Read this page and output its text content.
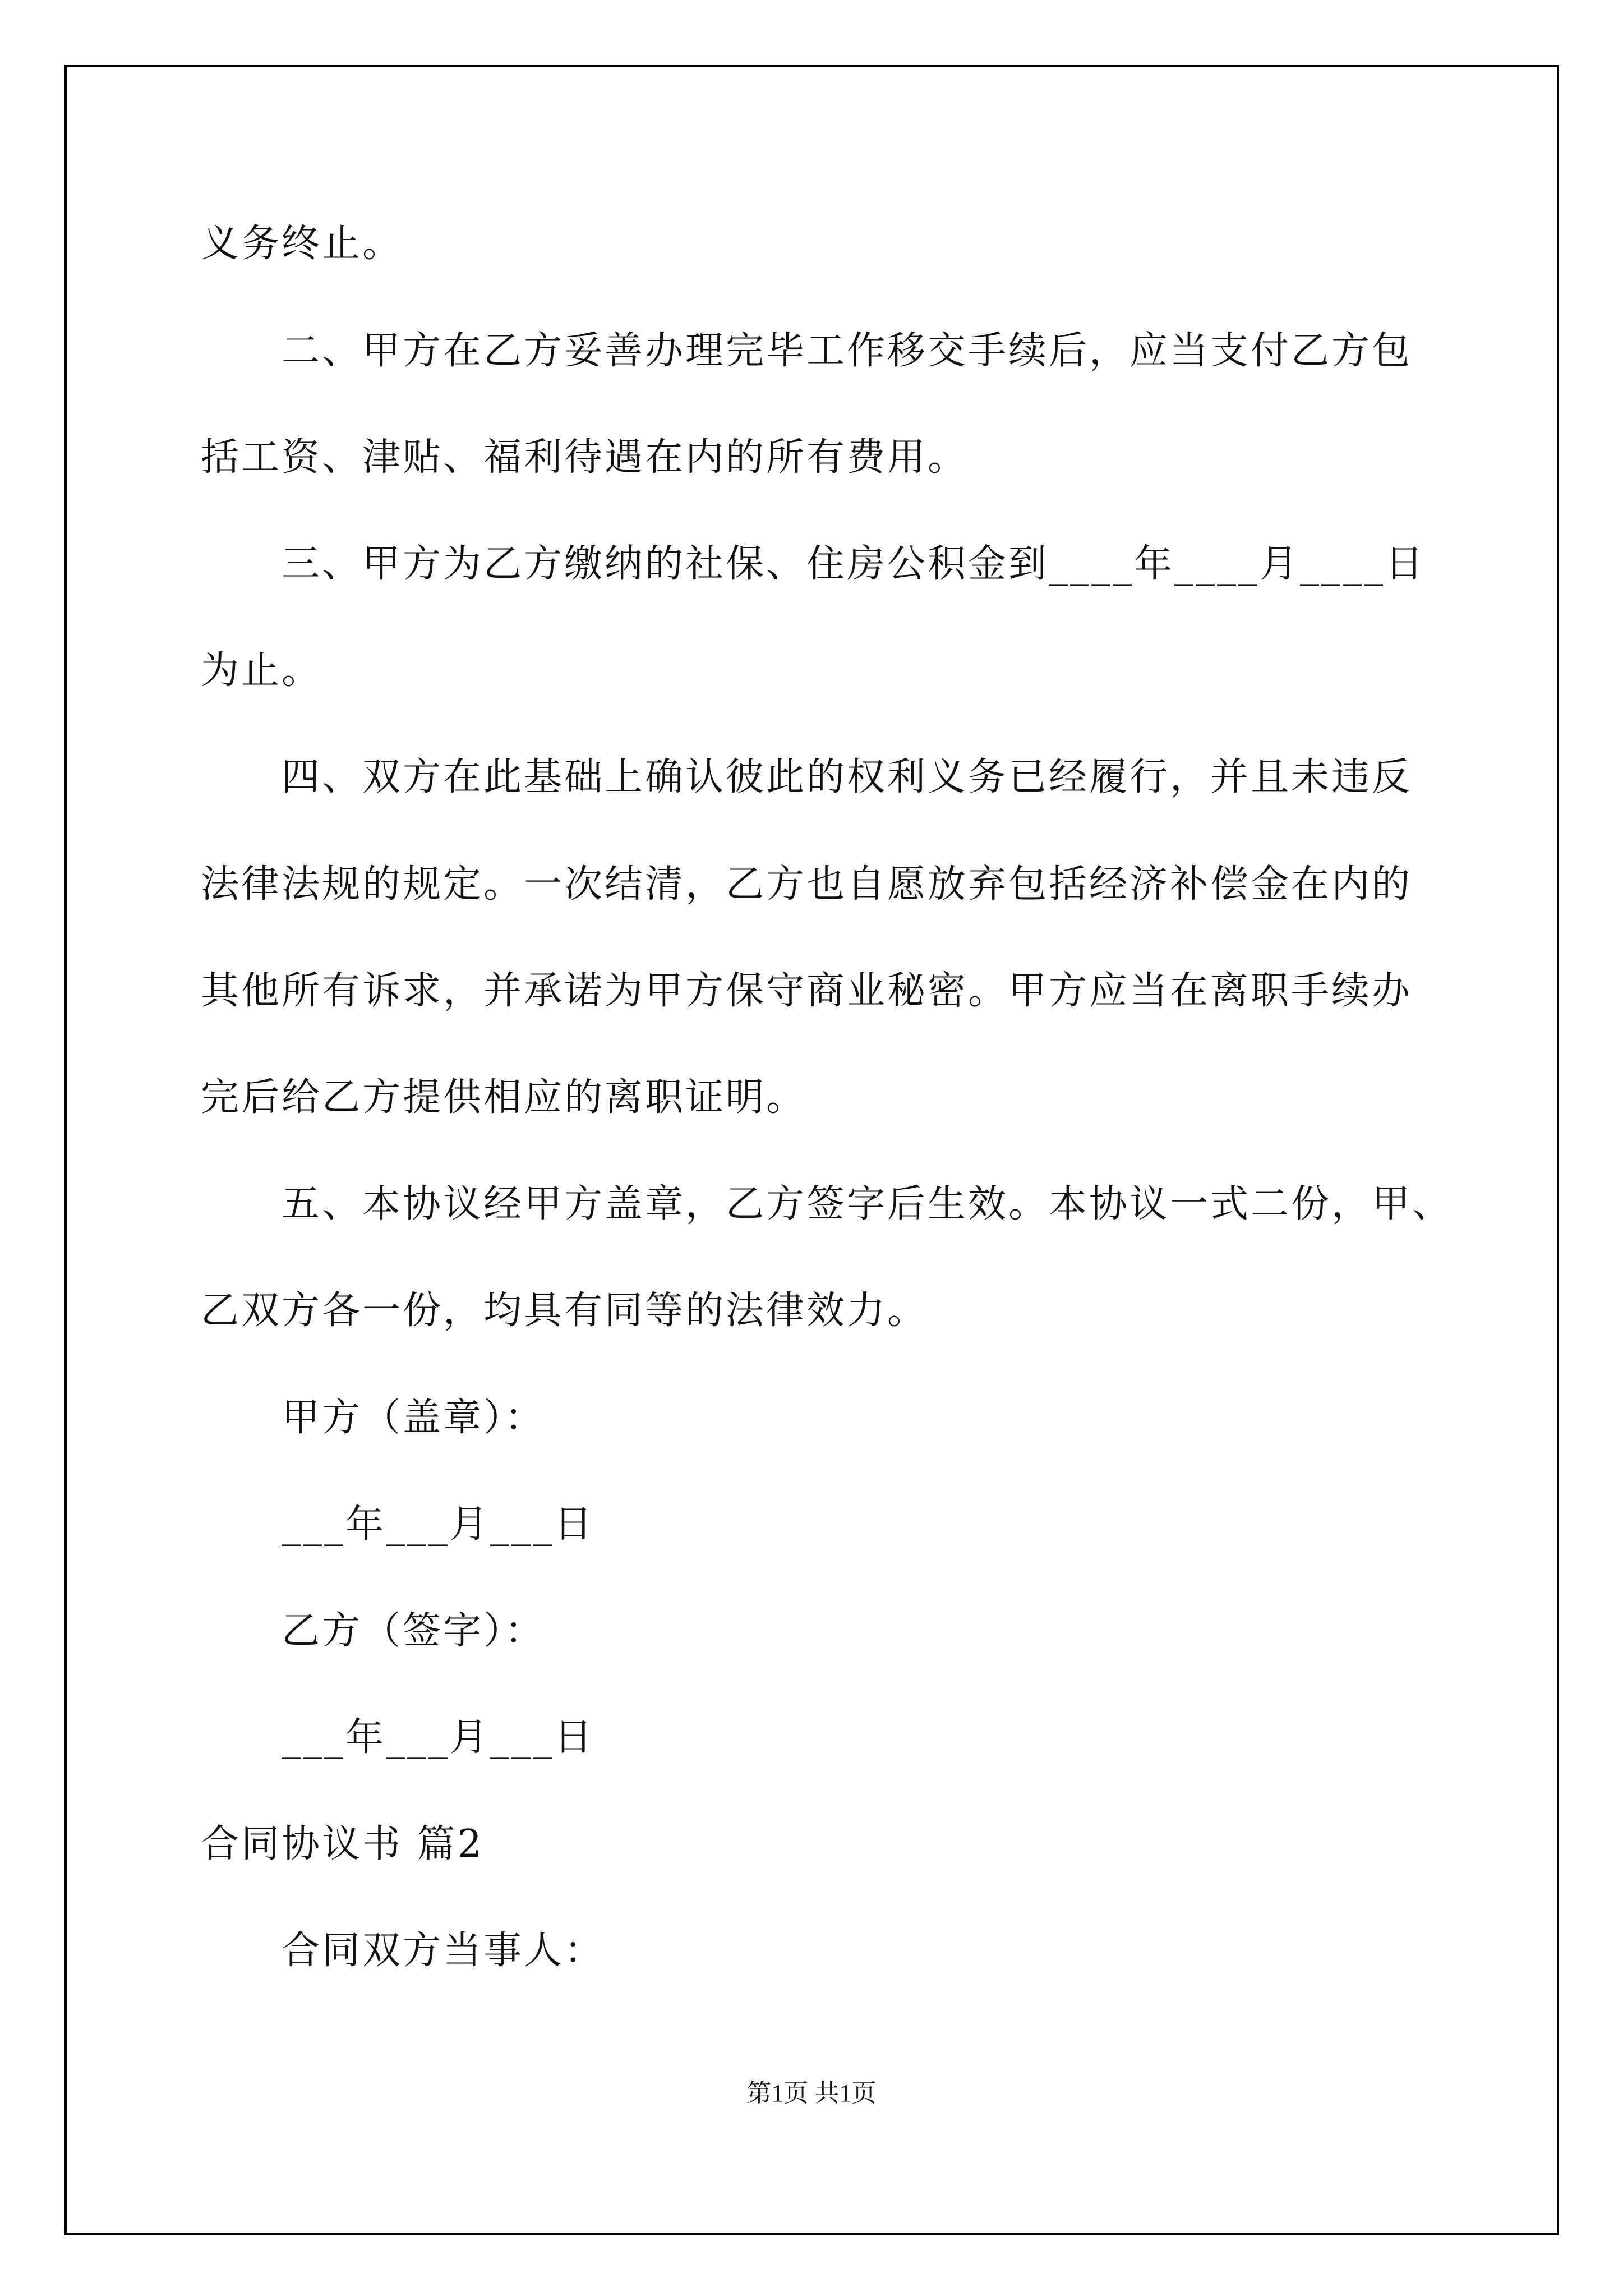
义务终止。
二、甲方在乙方妥善办理完毕工作移交手续后，应当支付乙方包
括工资、津贴、福利待遇在内的所有费用。
三、甲方为乙方缴纳的社保、住房公积金到____年____月____日
为止。
四、双方在此基础上确认彼此的权利义务已经履行，并且未违反
法律法规的规定。一次结清，乙方也自愿放弃包括经济补偿金在内的
其他所有诉求，并承诺为甲方保守商业秘密。甲方应当在离职手续办
完后给乙方提供相应的离职证明。
五、本协议经甲方盖章，乙方签字后生效。本协议一式二份，甲、
乙双方各一份，均具有同等的法律效力。
甲方（盖章）：
___年___月___日
乙方（签字）：
___年___月___日
合同协议书 篇2
合同双方当事人：
第1页 共1页
